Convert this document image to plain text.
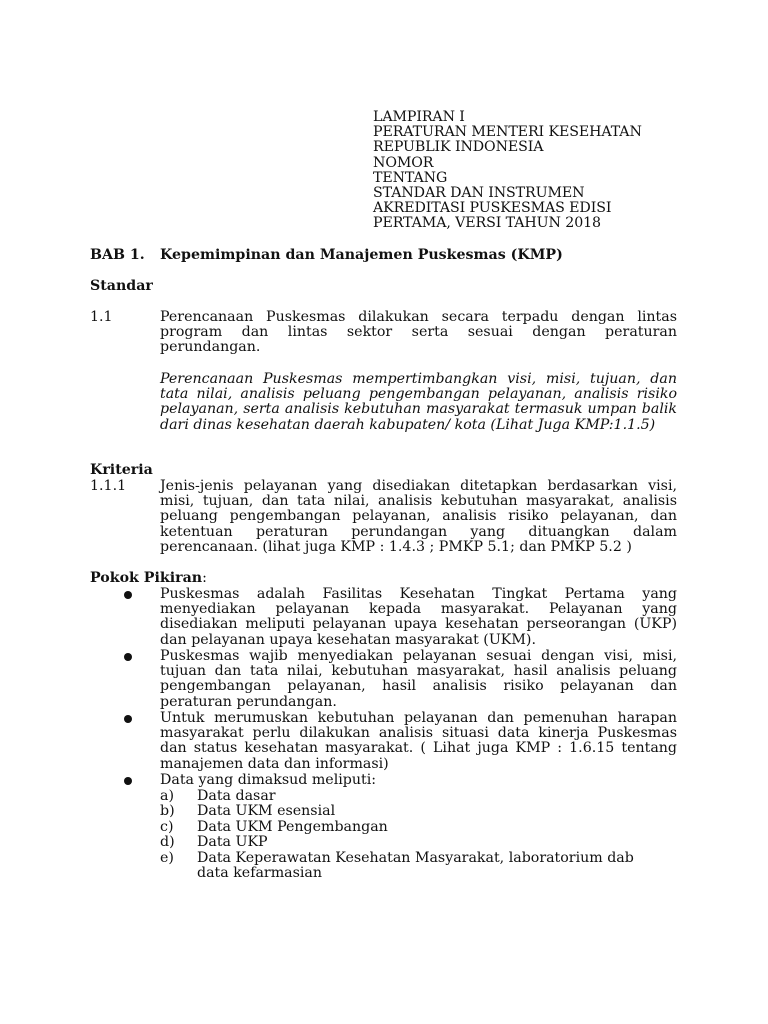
LAMPIRAN I
PERATURAN MENTERI KESEHATAN
REPUBLIK INDONESIA
NOMOR
TENTANG
STANDAR DAN INSTRUMEN
AKREDITASI PUSKESMAS EDISI
PERTAMA, VERSI TAHUN 2018
BAB 1. Kepemimpinan dan Manajemen Puskesmas (KMP)
Standar
1.1	Perencanaan Puskesmas dilakukan secara terpadu dengan lintas program dan lintas sektor serta sesuai dengan peraturan perundangan.
Perencanaan Puskesmas mempertimbangkan visi, misi, tujuan, dan tata nilai, analisis peluang pengembangan pelayanan, analisis risiko pelayanan, serta analisis kebutuhan masyarakat termasuk umpan balik dari dinas kesehatan daerah kabupaten/ kota (Lihat Juga KMP:1.1.5)
Kriteria
1.1.1 Jenis-jenis pelayanan yang disediakan ditetapkan berdasarkan visi, misi, tujuan, dan tata nilai, analisis kebutuhan masyarakat, analisis peluang pengembangan pelayanan, analisis risiko pelayanan, dan ketentuan peraturan perundangan yang dituangkan dalam perencanaan. (lihat juga KMP : 1.4.3 ; PMKP 5.1; dan PMKP 5.2 )
Pokok Pikiran:
Puskesmas adalah Fasilitas Kesehatan Tingkat Pertama yang menyediakan pelayanan kepada masyarakat. Pelayanan yang disediakan meliputi pelayanan upaya kesehatan perseorangan (UKP) dan pelayanan upaya kesehatan masyarakat (UKM).
Puskesmas wajib menyediakan pelayanan sesuai dengan visi, misi, tujuan dan tata nilai, kebutuhan masyarakat, hasil analisis peluang pengembangan pelayanan, hasil analisis risiko pelayanan dan peraturan perundangan.
Untuk merumuskan kebutuhan pelayanan dan pemenuhan harapan masyarakat perlu dilakukan analisis situasi data kinerja Puskesmas dan status kesehatan masyarakat. ( Lihat juga KMP : 1.6.15 tentang manajemen data dan informasi)
Data yang dimaksud meliputi:
a) Data dasar
b) Data UKM esensial
c) Data UKM Pengembangan
d) Data UKP
e) Data Keperawatan Kesehatan Masyarakat, laboratorium dab data kefarmasian
